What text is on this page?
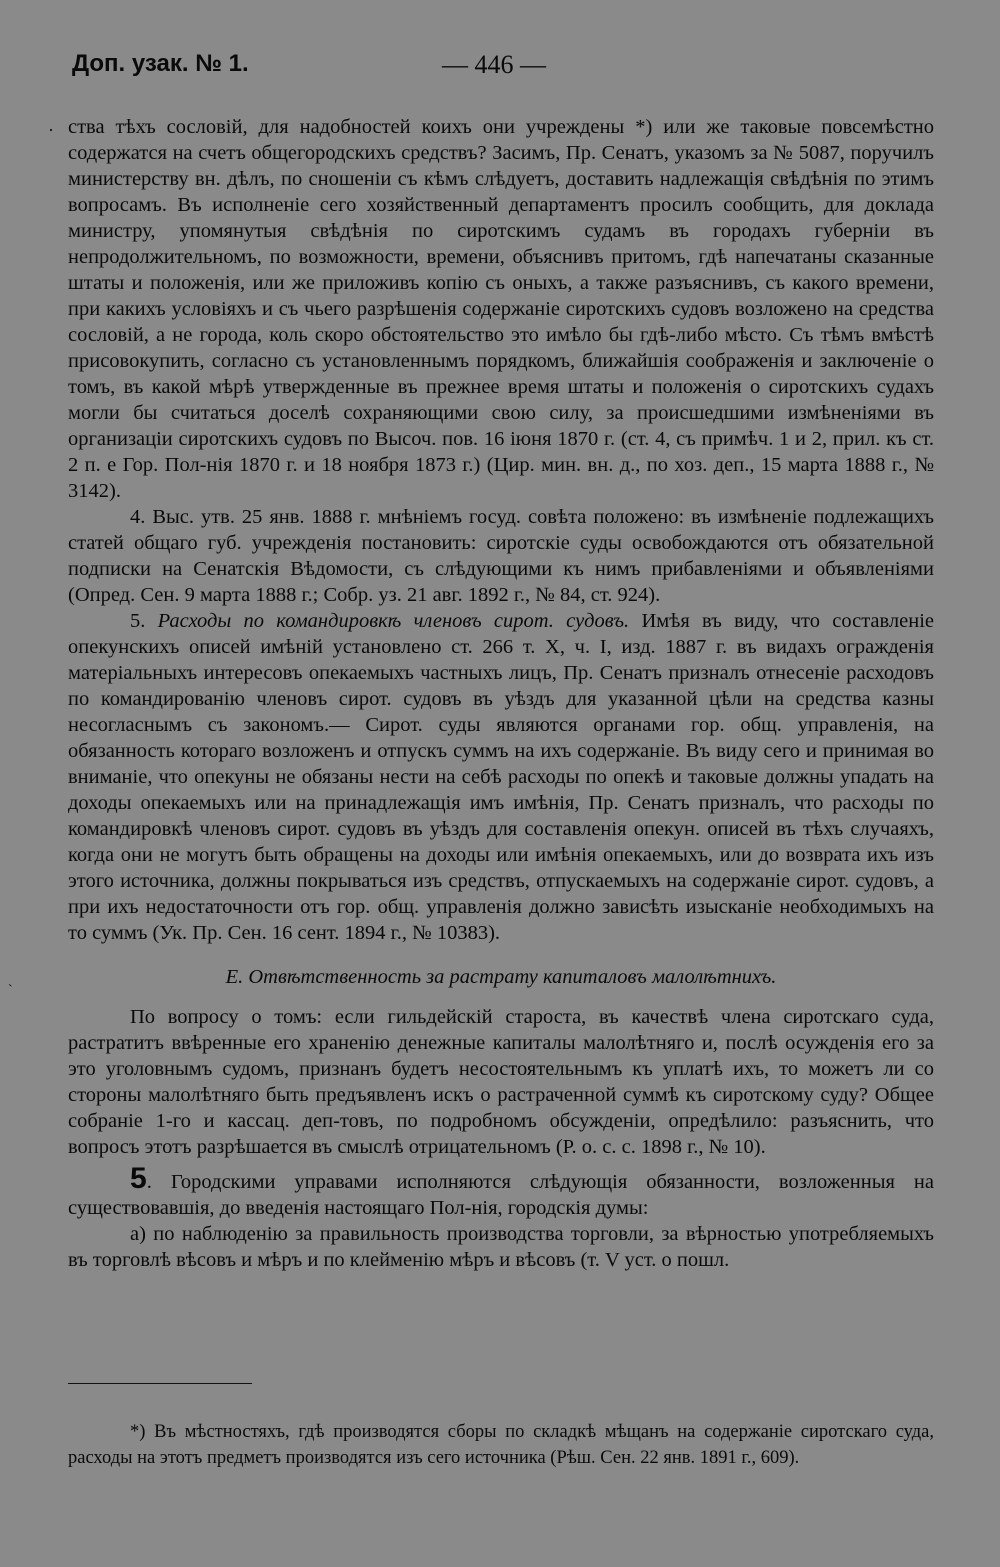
Доп. узак. № 1.	— 446 —
·
`

ства тѣхъ сословій, для надобностей коихъ они учреждены *) или же таковые повсемѣстно содержатся на счетъ общегородскихъ средствъ? Засимъ, Пр. Сенатъ, указомъ за № 5087, поручилъ министерству вн. дѣлъ, по сношеніи съ кѣмъ слѣдуетъ, доставить надлежащія свѣдѣнія по этимъ вопросамъ. Въ исполненіе сего хозяйственный департаментъ просилъ сообщить, для доклада министру, упомянутыя свѣдѣнія по сиротскимъ судамъ въ городахъ губерніи въ непродолжительномъ, по возможности, времени, объяснивъ притомъ, гдѣ напечатаны сказанные штаты и положенія, или же приложивъ копію съ оныхъ, а также разъяснивъ, съ какого времени, при какихъ условіяхъ и съ чьего разрѣшенія содержаніе сиротскихъ судовъ возложено на средства сословій, а не города, коль скоро обстоятельство это имѣло бы гдѣ-либо мѣсто. Съ тѣмъ вмѣстѣ присовокупить, согласно съ установленнымъ порядкомъ, ближайшія соображенія и заключеніе о томъ, въ какой мѣрѣ утвержденные въ прежнее время штаты и положенія о сиротскихъ судахъ могли бы считаться доселѣ сохраняющими свою силу, за происшедшими измѣненіями въ организаціи сиротскихъ судовъ по Высоч. пов. 16 іюня 1870 г. (ст. 4, съ примѣч. 1 и 2, прил. къ ст. 2 п. е Гор. Пол-нія 1870 г. и 18 ноября 1873 г.) (Цир. мин. вн. д., по хоз. деп., 15 марта 1888 г., № 3142).

4. Выс. утв. 25 янв. 1888 г. мнѣніемъ госуд. совѣта положено: въ измѣненіе подлежащихъ статей общаго губ. учрежденія постановить: сиротскіе суды освобождаются отъ обязательной подписки на Сенатскія Вѣдомости, съ слѣдующими къ нимъ прибавленіями и объявленіями (Опред. Сен. 9 марта 1888 г.; Собр. уз. 21 авг. 1892 г., № 84, ст. 924).

5. Расходы по командировкѣ членовъ сирот. судовъ. Имѣя въ виду, что составленіе опекунскихъ описей имѣній установлено ст. 266 т. X, ч. I, изд. 1887 г. въ видахъ огражденія матеріальныхъ интересовъ опекаемыхъ частныхъ лицъ, Пр. Сенатъ призналъ отнесеніе расходовъ по командированію членовъ сирот. судовъ въ уѣздъ для указанной цѣли на средства казны несогласнымъ съ закономъ.— Сирот. суды являются органами гор. общ. управленія, на обязанность котораго возложенъ и отпускъ суммъ на ихъ содержаніе. Въ виду сего и принимая во вниманіе, что опекуны не обязаны нести на себѣ расходы по опекѣ и таковые должны упадать на доходы опекаемыхъ или на принадлежащія имъ имѣнія, Пр. Сенатъ призналъ, что расходы по командировкѣ членовъ сирот. судовъ въ уѣздъ для составленія опекун. описей въ тѣхъ случаяхъ, когда они не могутъ быть обращены на доходы или имѣнія опекаемыхъ, или до возврата ихъ изъ этого источника, должны покрываться изъ средствъ, отпускаемыхъ на содержаніе сирот. судовъ, а при ихъ недостаточности отъ гор. общ. управленія должно зависѣть изысканіе необходимыхъ на то суммъ (Ук. Пр. Сен. 16 сент. 1894 г., № 10383).

Е. Отвѣтственность за растрату капиталовъ малолѣтнихъ.

По вопросу о томъ: если гильдейскій староста, въ качествѣ члена сиротскаго суда, растратитъ ввѣренные его храненію денежные капиталы малолѣтняго и, послѣ осужденія его за это уголовнымъ судомъ, признанъ будетъ несостоятельнымъ къ уплатѣ ихъ, то можетъ ли со стороны малолѣтняго быть предъявленъ искъ о растраченной суммѣ къ сиротскому суду? Общее собраніе 1-го и кассац. деп-товъ, по подробномъ обсужденіи, опредѣлило: разъяснить, что вопросъ этотъ разрѣшается въ смыслѣ отрицательномъ (Р. о. с. с. 1898 г., № 10).

5. Городскими управами исполняются слѣдующія обязанности, возложенныя на существовавшія, до введенія настоящаго Пол-нія, городскія думы:

а) по наблюденію за правильность производства торговли, за вѣрностью употребляемыхъ въ торговлѣ вѣсовъ и мѣръ и по клейменію мѣръ и вѣсовъ (т. V уст. о пошл.

*) Въ мѣстностяхъ, гдѣ производятся сборы по складкѣ мѣщанъ на содержаніе сиротскаго суда, расходы на этотъ предметъ производятся изъ сего источника (Рѣш. Сен. 22 янв. 1891 г., 609).
